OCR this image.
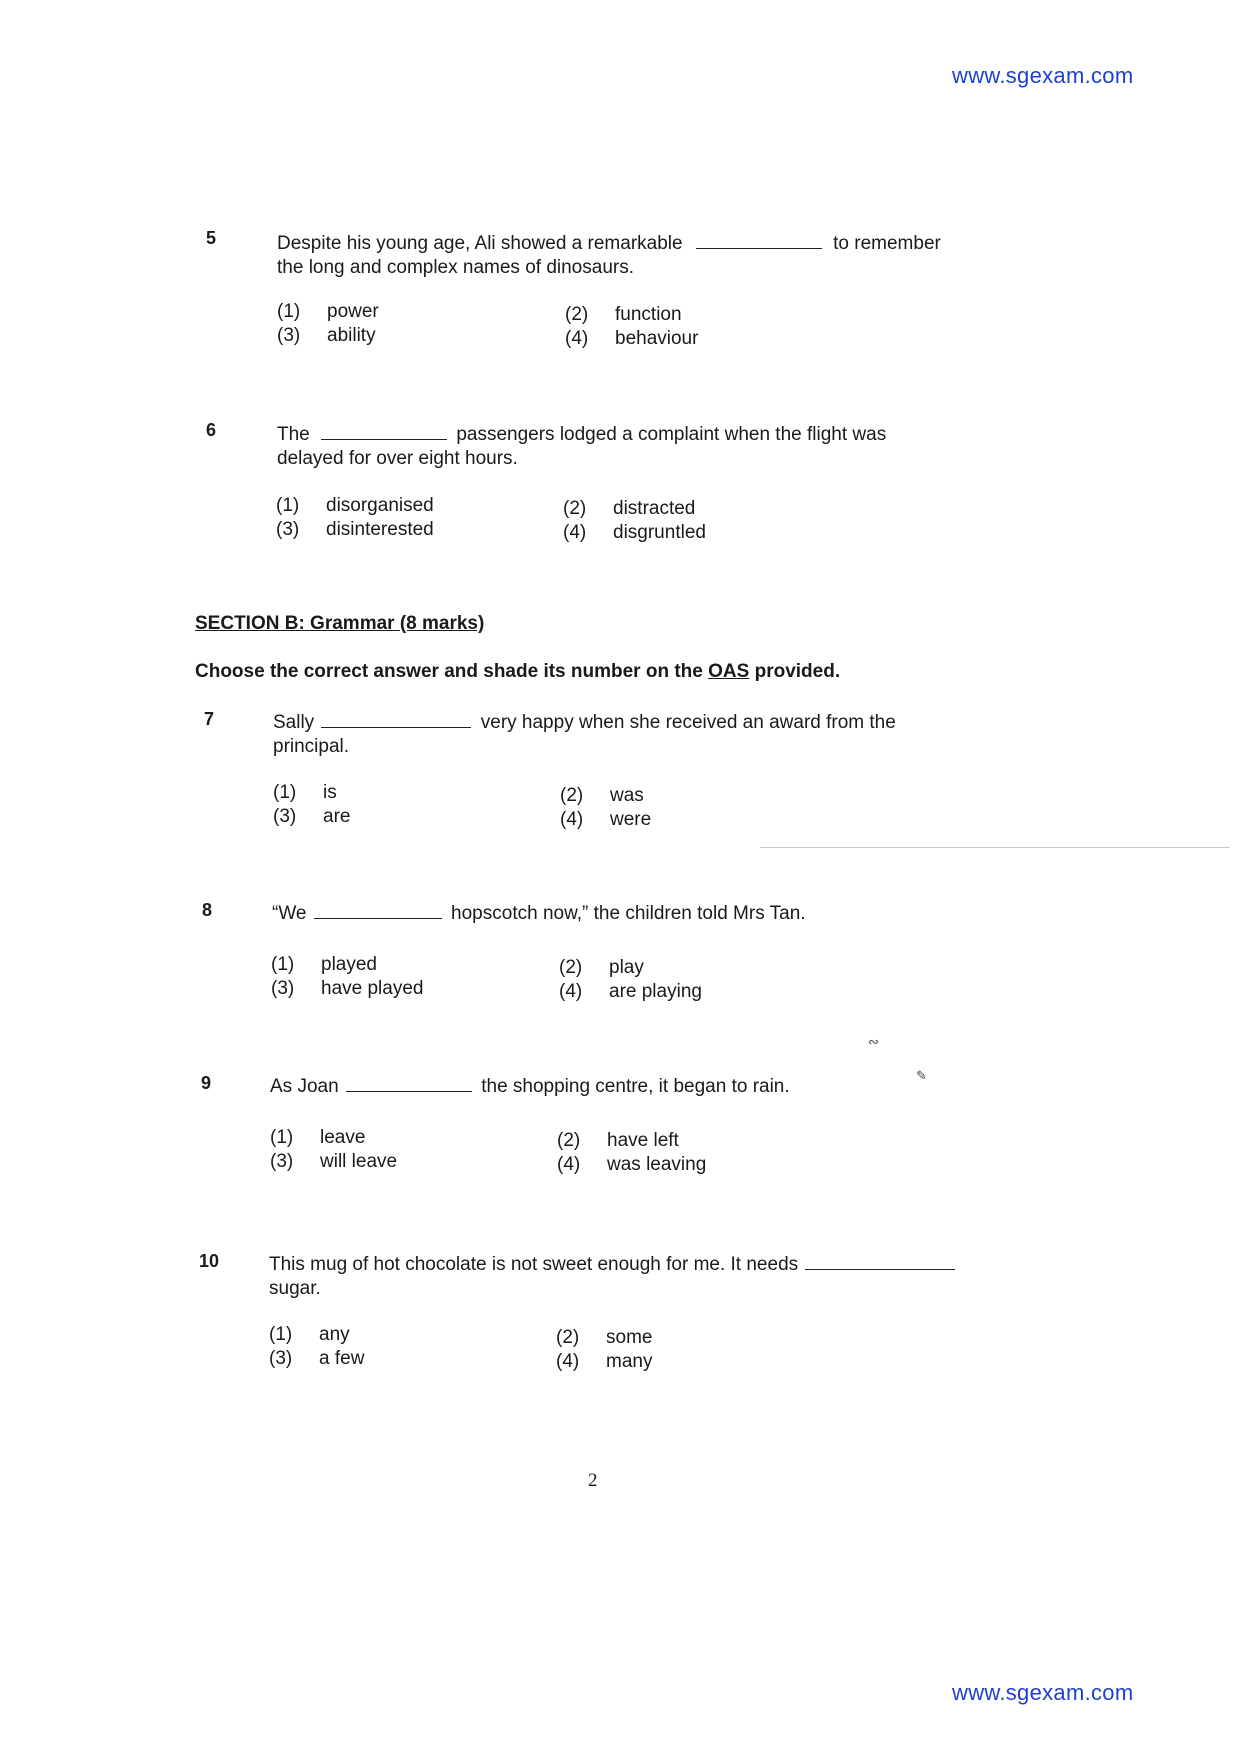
www.sgexam.com
5	Despite his young age, Ali showed a remarkable	to remember
the long and complex names of dinosaurs.
(1) power	(2) function
(3) ability	(4) behaviour
6	The	passengers lodged a complaint when the flight was
delayed for over eight hours.
(1) disorganised	(2) distracted
(3) disinterested	(4) disgruntled
SECTION B: Grammar (8 marks)
Choose the correct answer and shade its number on the OAS provided.
7	Sally	very happy when she received an award from the
principal.
(1) is	(2) was
(3) are	(4) were
8	“We	hopscotch now,” the children told Mrs Tan.
(1) played	(2) play
(3) have played	(4) are playing
∾
✎
9	As Joan	the shopping centre, it began to rain.
(1) leave	(2) have left
(3) will leave	(4) was leaving
10	This mug of hot chocolate is not sweet enough for me. It needs
sugar.
(1) any	(2) some
(3) a few	(4) many
2
www.sgexam.com
